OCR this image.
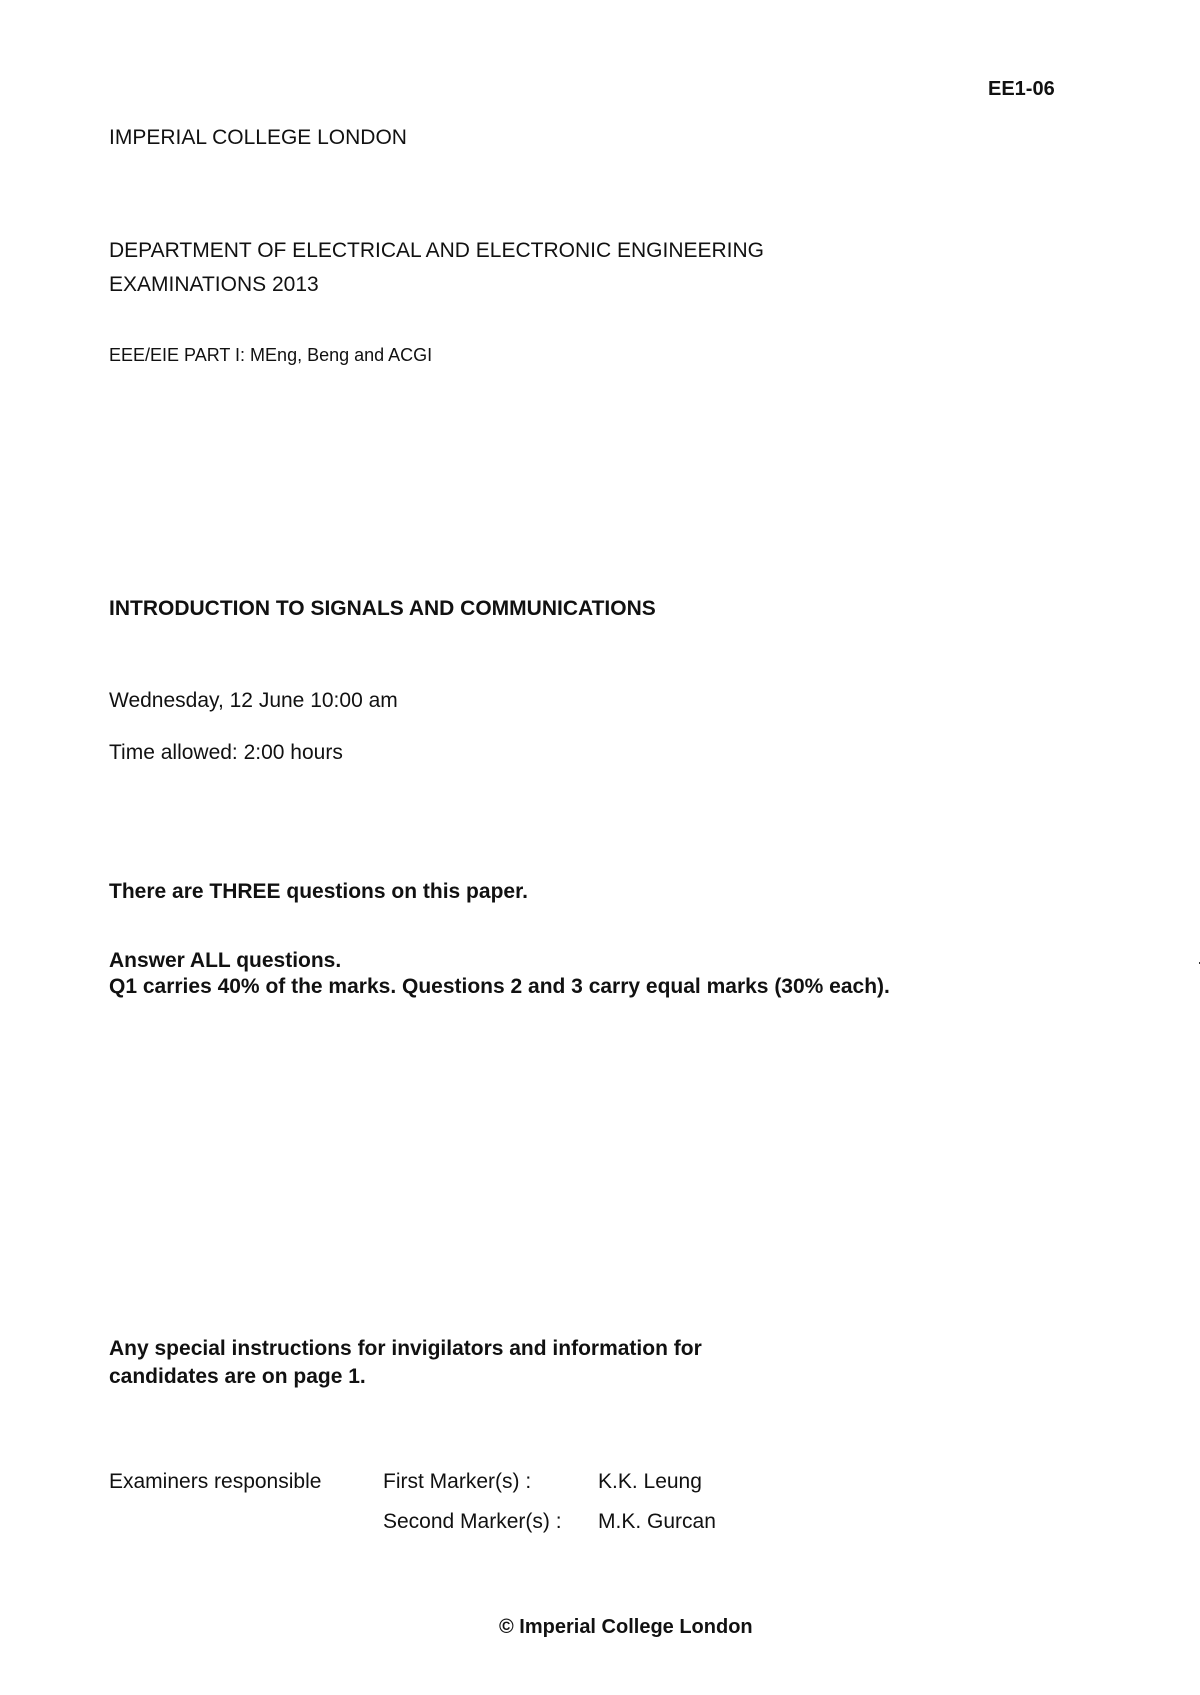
EE1-06
IMPERIAL COLLEGE LONDON
DEPARTMENT OF ELECTRICAL AND ELECTRONIC ENGINEERING
EXAMINATIONS 2013
EEE/EIE PART I: MEng, Beng and ACGI
INTRODUCTION TO SIGNALS AND COMMUNICATIONS
Wednesday, 12 June 10:00 am
Time allowed: 2:00 hours
There are THREE questions on this paper.
Answer ALL questions.
Q1 carries 40% of the marks. Questions 2 and 3 carry equal marks (30% each).
Any special instructions for invigilators and information for candidates are on page 1.
Examiners responsible	First Marker(s) :	K.K. Leung
Second Marker(s) : M.K. Gurcan
© Imperial College London
